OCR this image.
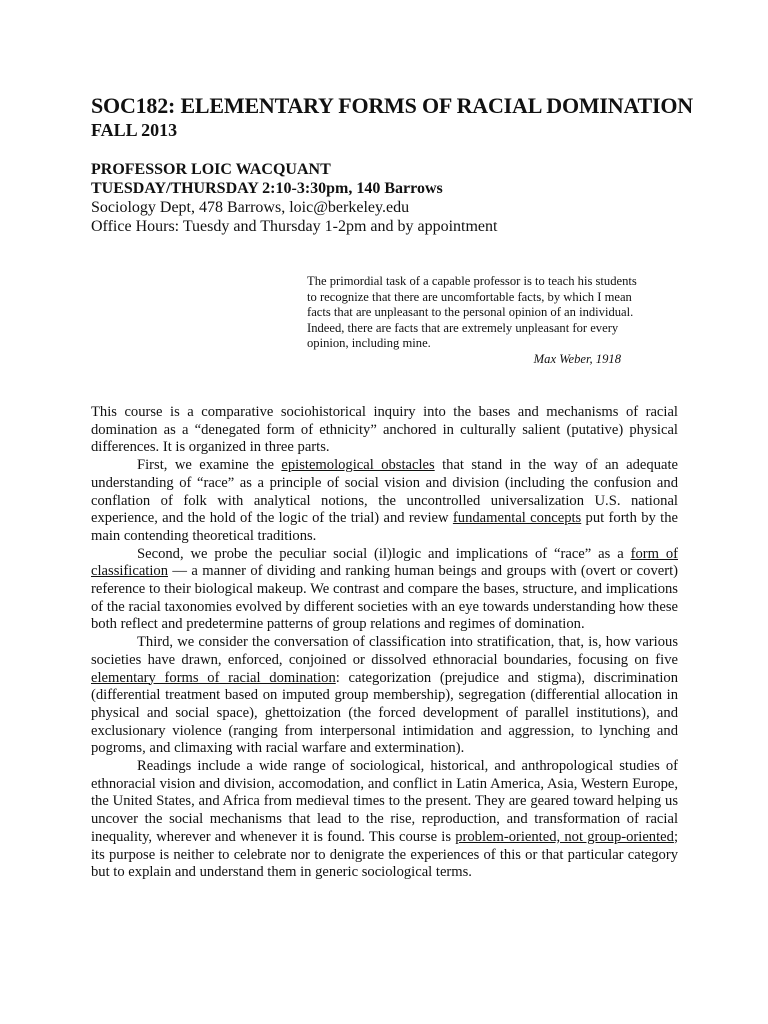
SOC182: ELEMENTARY FORMS OF RACIAL DOMINATION
FALL 2013
PROFESSOR LOIC WACQUANT
TUESDAY/THURSDAY 2:10-3:30pm, 140 Barrows
Sociology Dept, 478 Barrows, loic@berkeley.edu
Office Hours: Tuesdy and Thursday 1-2pm and by appointment
The primordial task of a capable professor is to teach his students
to recognize that there are uncomfortable facts, by which I mean
facts that are unpleasant to the personal opinion of an individual.
Indeed, there are facts that are extremely unpleasant for every
opinion, including mine.
Max Weber, 1918

This course is a comparative sociohistorical inquiry into the bases and mechanisms of racial domination as a “denegated form of ethnicity” anchored in culturally salient (putative) physical differences. It is organized in three parts.

First, we examine the epistemological obstacles that stand in the way of an adequate understanding of “race” as a principle of social vision and division (including the confusion and conflation of folk with analytical notions, the uncontrolled universalization U.S. national experience, and the hold of the logic of the trial) and review fundamental concepts put forth by the main contending theoretical traditions.

Second, we probe the peculiar social (il)logic and implications of “race” as a form of classification — a manner of dividing and ranking human beings and groups with (overt or covert) reference to their biological makeup. We contrast and compare the bases, structure, and implications of the racial taxonomies evolved by different societies with an eye towards understanding how these both reflect and predetermine patterns of group relations and regimes of domination.

Third, we consider the conversation of classification into stratification, that, is, how various societies have drawn, enforced, conjoined or dissolved ethnoracial boundaries, focusing on five elementary forms of racial domination: categorization (prejudice and stigma), discrimination (differential treatment based on imputed group membership), segregation (differential allocation in physical and social space), ghettoization (the forced development of parallel institutions), and exclusionary violence (ranging from interpersonal intimidation and aggression, to lynching and pogroms, and climaxing with racial warfare and extermination).

Readings include a wide range of sociological, historical, and anthropological studies of ethnoracial vision and division, accomodation, and conflict in Latin America, Asia, Western Europe, the United States, and Africa from medieval times to the present. They are geared toward helping us uncover the social mechanisms that lead to the rise, reproduction, and transformation of racial inequality, wherever and whenever it is found. This course is problem-oriented, not group-oriented; its purpose is neither to celebrate nor to denigrate the experiences of this or that particular category but to explain and understand them in generic sociological terms.
